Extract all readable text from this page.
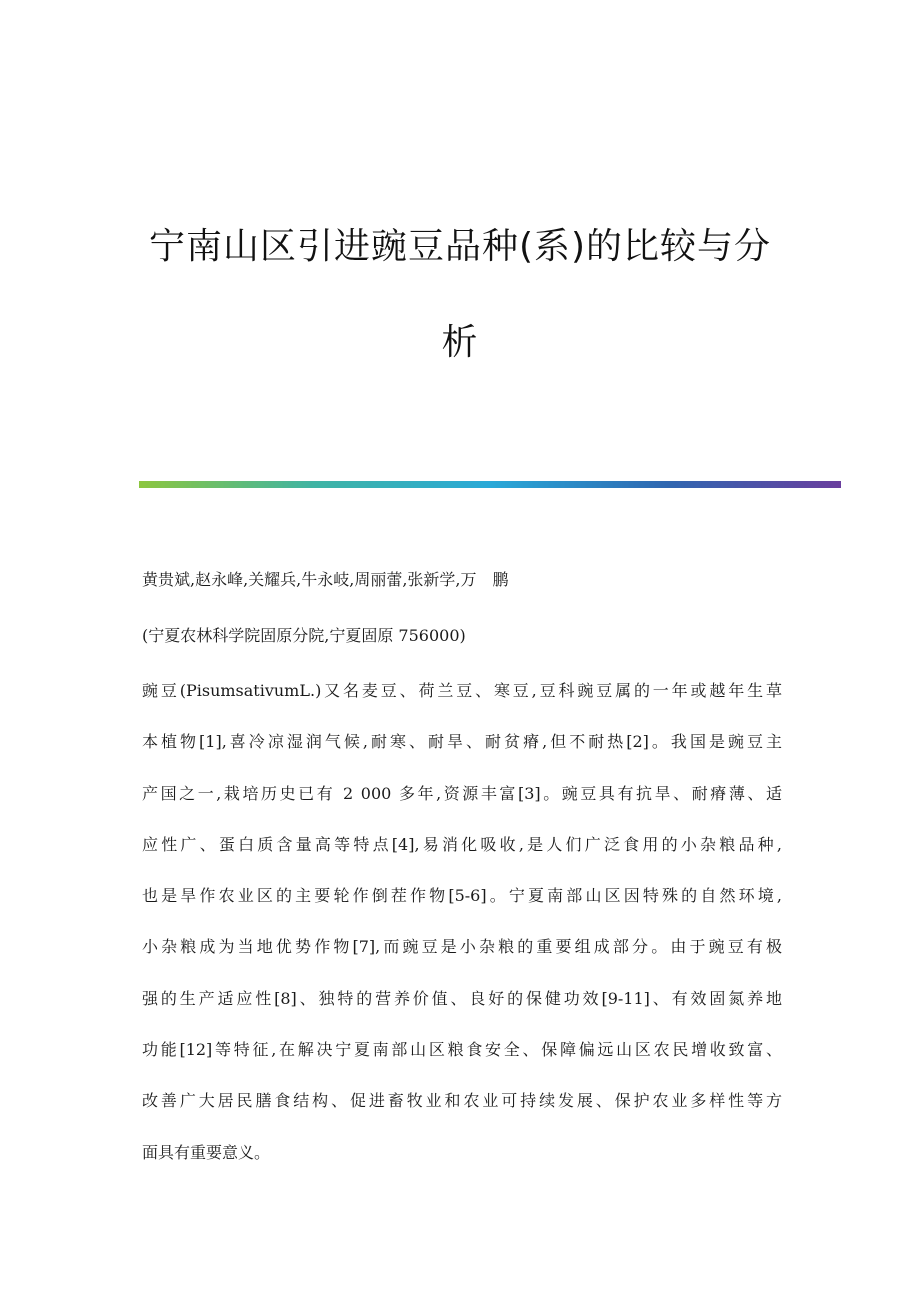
宁南山区引进豌豆品种(系)的比较与分
析
黄贵斌,赵永峰,关耀兵,牛永岐,周丽蕾,张新学,万　鹏
(宁夏农林科学院固原分院,宁夏固原 756000)
豌豆(PisumsativumL.)又名麦豆、荷兰豆、寒豆,豆科豌豆属的一年或越年生草
本植物[1],喜冷凉湿润气候,耐寒、耐旱、耐贫瘠,但不耐热[2]。我国是豌豆主
产国之一,栽培历史已有 2 000 多年,资源丰富[3]。豌豆具有抗旱、耐瘠薄、适
应性广、蛋白质含量高等特点[4],易消化吸收,是人们广泛食用的小杂粮品种,
也是旱作农业区的主要轮作倒茬作物[5-6]。宁夏南部山区因特殊的自然环境,
小杂粮成为当地优势作物[7],而豌豆是小杂粮的重要组成部分。由于豌豆有极
强的生产适应性[8]、独特的营养价值、良好的保健功效[9-11]、有效固氮养地
功能[12]等特征,在解决宁夏南部山区粮食安全、保障偏远山区农民增收致富、
改善广大居民膳食结构、促进畜牧业和农业可持续发展、保护农业多样性等方
面具有重要意义。
